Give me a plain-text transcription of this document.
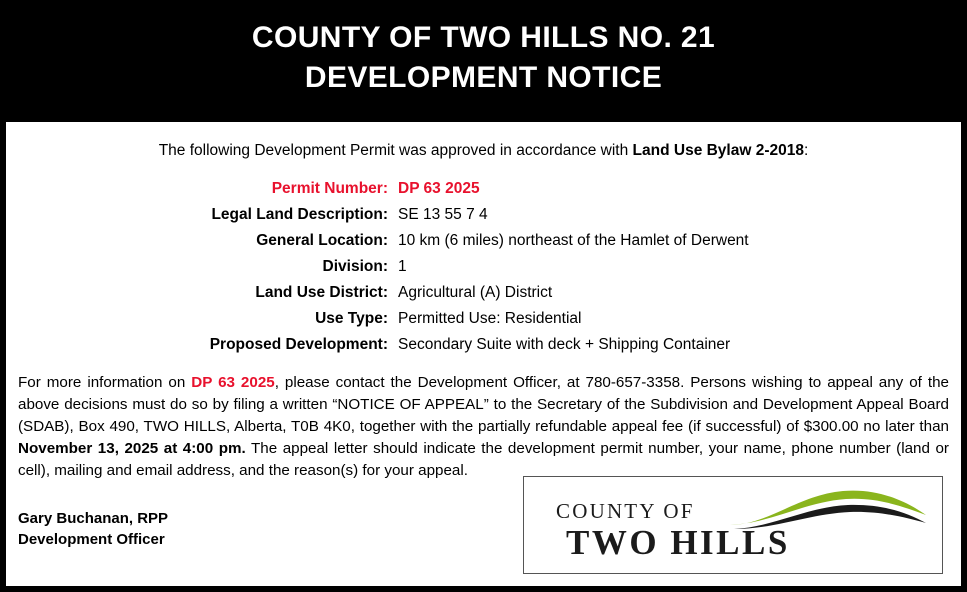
COUNTY OF TWO HILLS NO. 21
DEVELOPMENT NOTICE
The following Development Permit was approved in accordance with Land Use Bylaw 2-2018:
Permit Number:	DP 63 2025
Legal Land Description:	SE 13 55 7 4
General Location:	10 km (6 miles) northeast of the Hamlet of Derwent
Division:	1
Land Use District:	Agricultural (A) District
Use Type:	Permitted Use: Residential
Proposed Development:	Secondary Suite with deck + Shipping Container
For more information on DP 63 2025, please contact the Development Officer, at 780-657-3358. Persons wishing to appeal any of the above decisions must do so by filing a written “NOTICE OF APPEAL” to the Secretary of the Subdivision and Development Appeal Board (SDAB), Box 490, TWO HILLS, Alberta, T0B 4K0, together with the partially refundable appeal fee (if successful) of $300.00 no later than November 13, 2025 at 4:00 pm. The appeal letter should indicate the development permit number, your name, phone number (land or cell), mailing and email address, and the reason(s) for your appeal.
Gary Buchanan, RPP
Development Officer
COUNTY OF
TWO HILLS
